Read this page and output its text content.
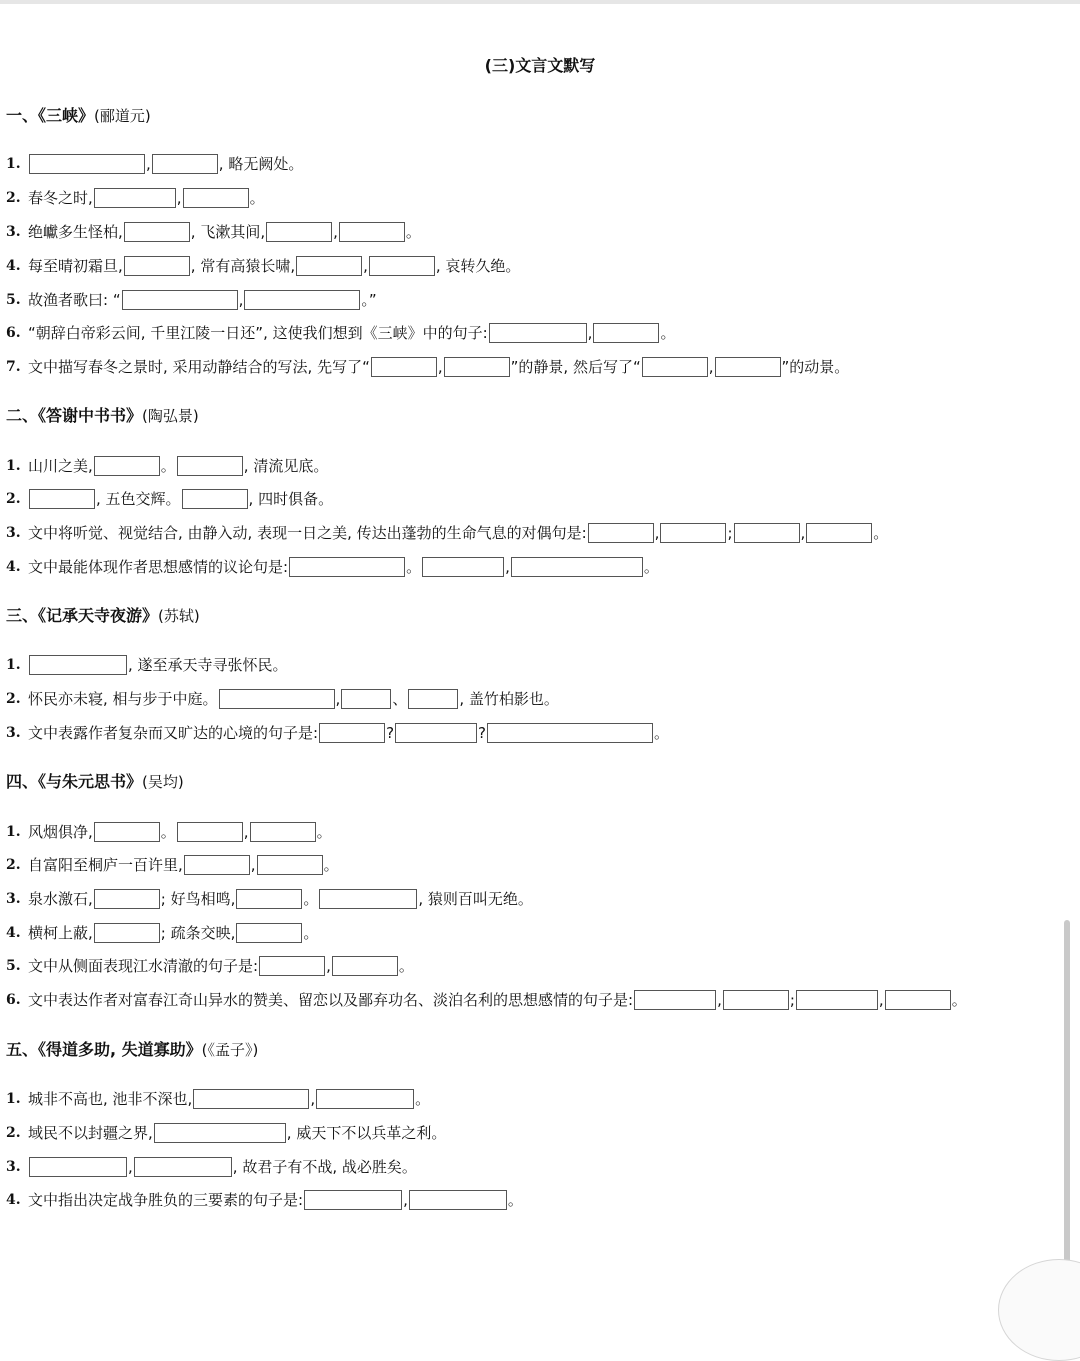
(三)文言文默写
一、《三峡》(郦道元)
1.	,	, 略无阙处。
2. 春冬之时,	,	。
3. 绝巘多生怪柏,	, 飞漱其间,	,	。
4. 每至晴初霜旦,	, 常有高猿长啸,	,	, 哀转久绝。
5. 故渔者歌曰: “	,	。”
6. “朝辞白帝彩云间, 千里江陵一日还”, 这使我们想到《三峡》中的句子:	,	。
7. 文中描写春冬之景时, 采用动静结合的写法, 先写了“	,	”的静景, 然后写了“	,	”的动景。
二、《答谢中书书》(陶弘景)
1. 山川之美,	。	, 清流见底。
2.	, 五色交辉。	, 四时俱备。
3. 文中将听觉、视觉结合, 由静入动, 表现一日之美, 传达出蓬勃的生命气息的对偶句是:	,	;	,	。
4. 文中最能体现作者思想感情的议论句是:	。	,	。
三、《记承天寺夜游》(苏轼)
1.	, 遂至承天寺寻张怀民。
2. 怀民亦未寝, 相与步于中庭。	,	、	, 盖竹柏影也。
3. 文中表露作者复杂而又旷达的心境的句子是:	?	?	。
四、《与朱元思书》(吴均)
1. 风烟俱净,	。	,	。
2. 自富阳至桐庐一百许里,	,	。
3. 泉水激石,	; 好鸟相鸣,	。	, 猿则百叫无绝。
4. 横柯上蔽,	; 疏条交映,	。
5. 文中从侧面表现江水清澈的句子是:	,	。
6. 文中表达作者对富春江奇山异水的赞美、留恋以及鄙弃功名、淡泊名利的思想感情的句子是:	,	;	,	。
五、《得道多助, 失道寡助》(《孟子》)
1. 城非不高也, 池非不深也,	,	。
2. 域民不以封疆之界,	, 威天下不以兵革之利。
3.	,	, 故君子有不战, 战必胜矣。
4. 文中指出决定战争胜负的三要素的句子是:	,	。
